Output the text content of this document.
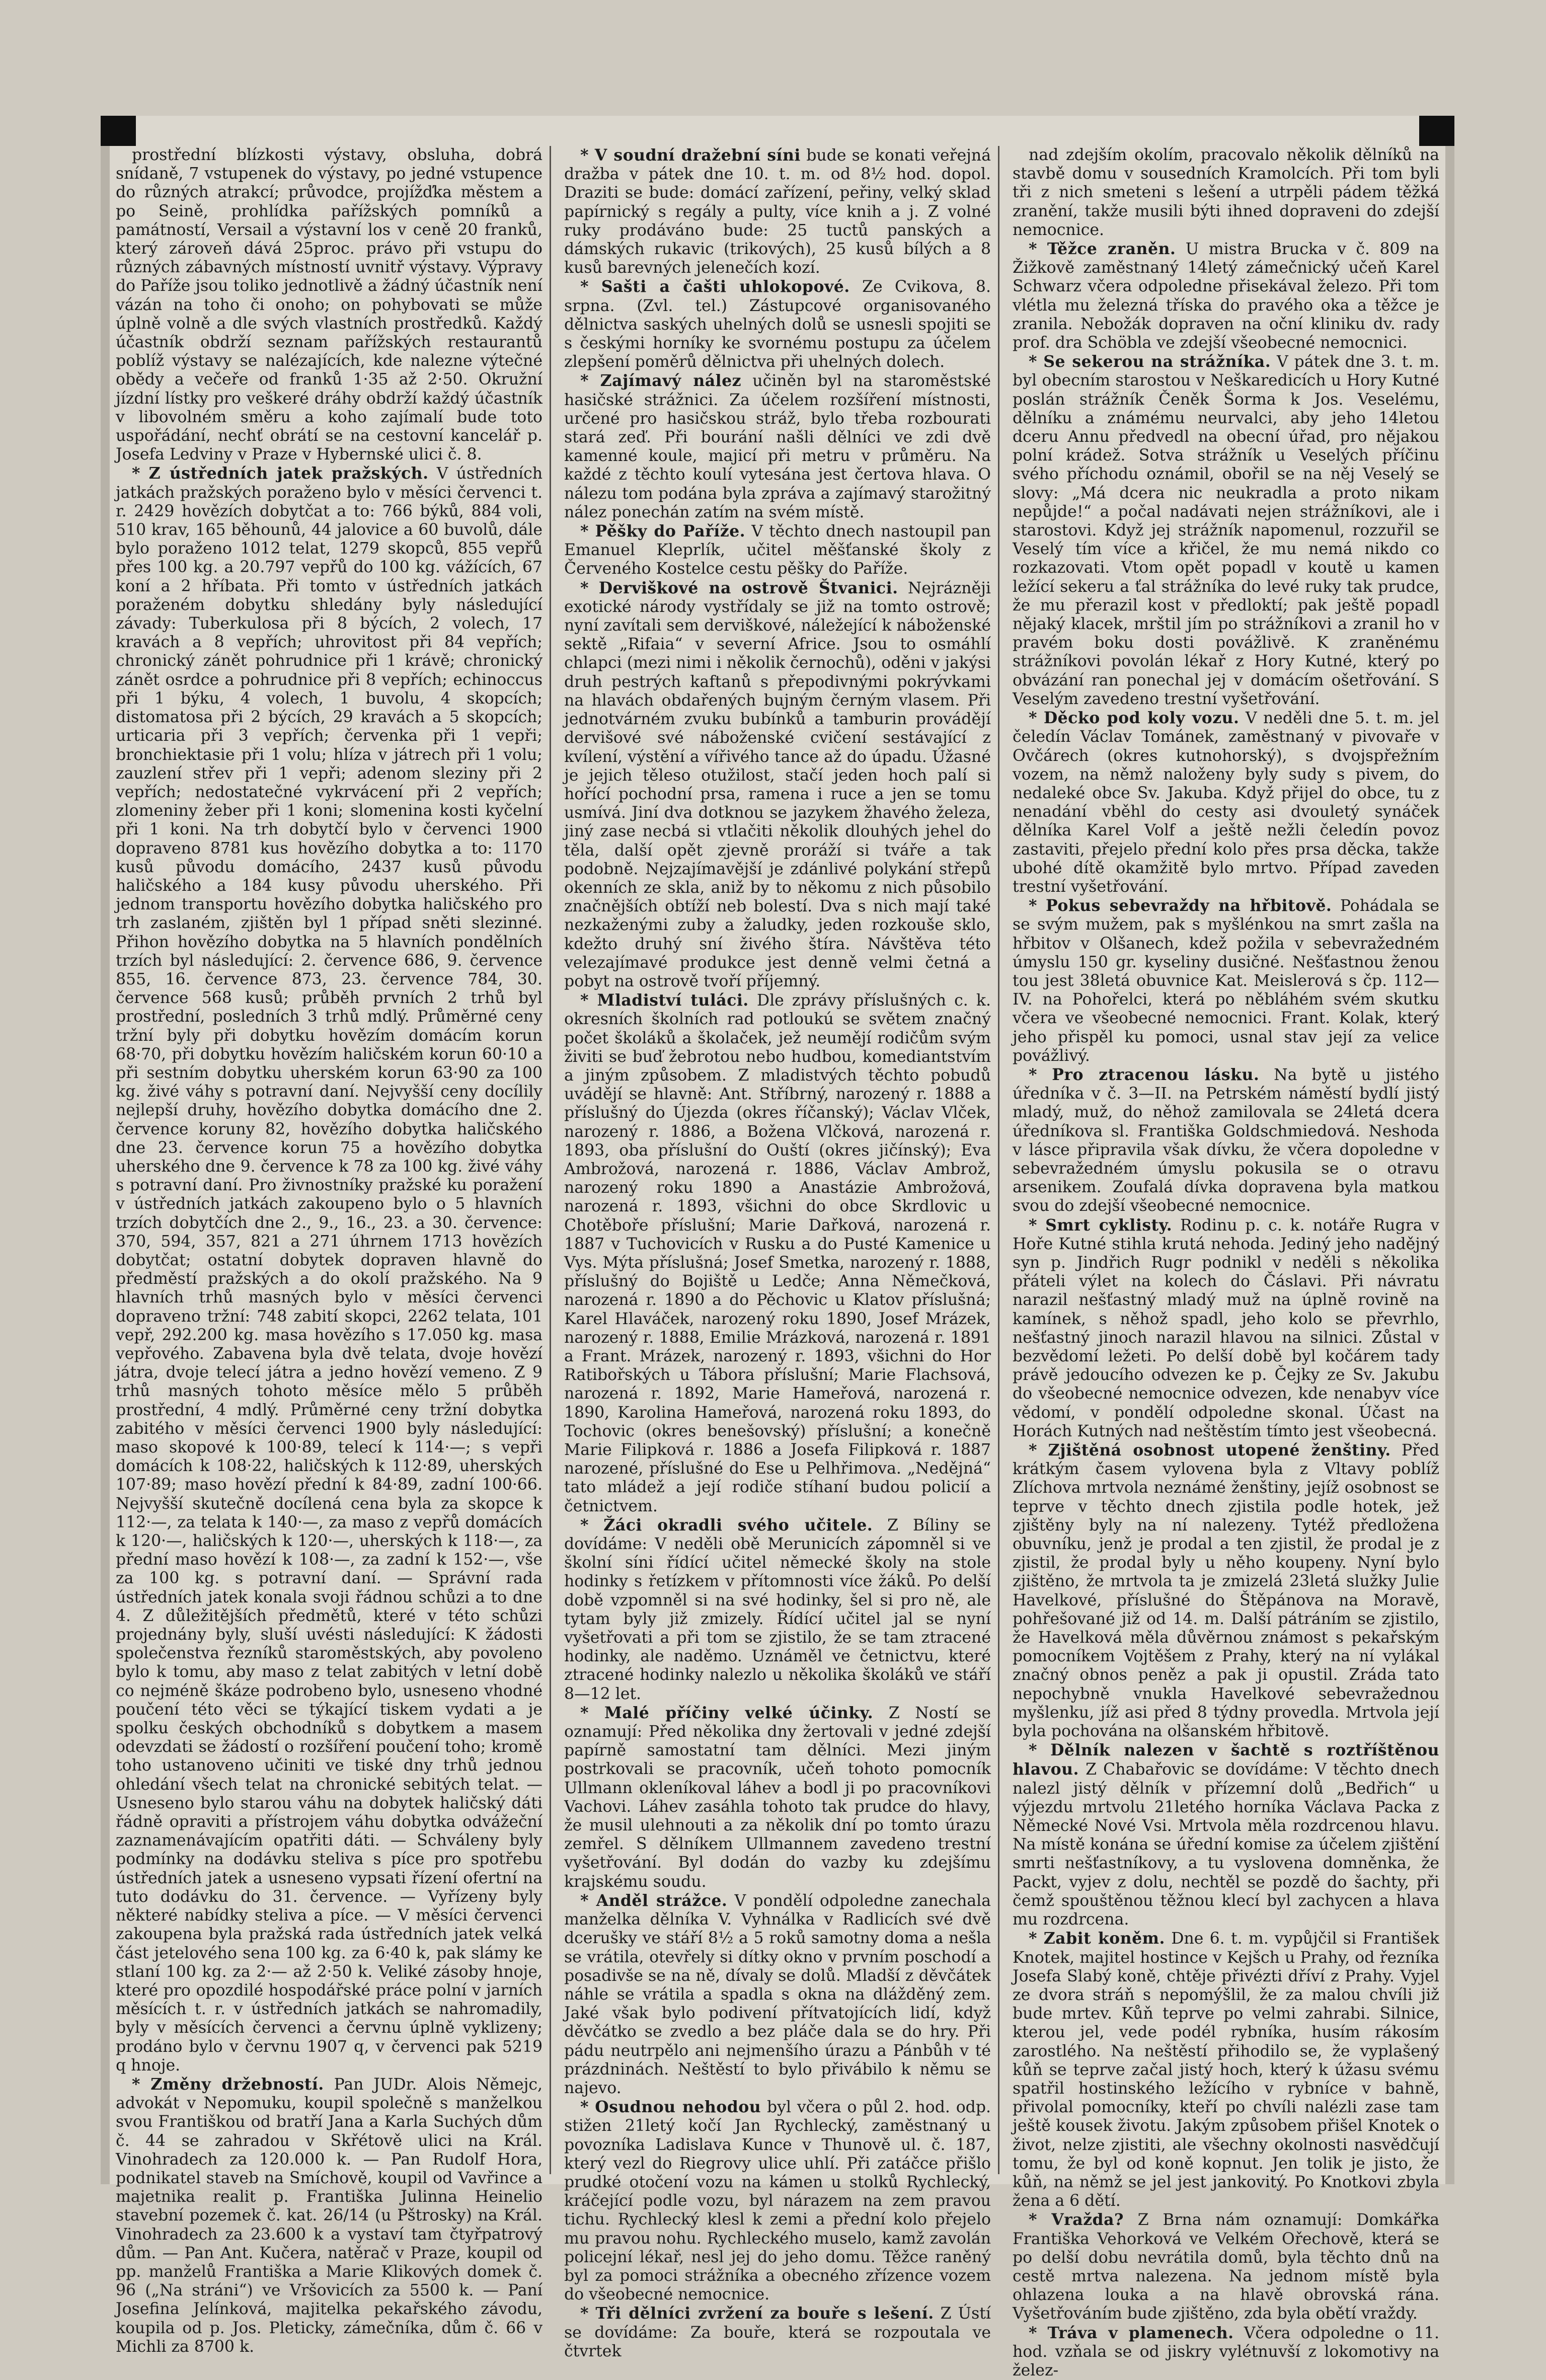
prostřední blízkosti výstavy, obsluha, dobrá snídaně, 7 vstupenek do výstavy, po jedné vstupence do různých atrakcí; průvodce, projížďka městem a po Seině, prohlídka pařížských pomníků a památností, Versail a výstavní los v ceně 20 franků, který zároveň dává 25proc. právo při vstupu do různých zábavných místností uvnitř výstavy. Výpravy do Paříže jsou toliko jednotlivě a žádný účastník není vázán na toho či onoho; on pohybovati se může úplně volně a dle svých vlastních prostředků. Každý účastník obdrží seznam pařížských restaurantů poblíž výstavy se nalézajících, kde nalezne výtečné obědy a večeře od franků 1·35 až 2·50. Okružní jízdní lístky pro veškeré dráhy obdrží každý účastník v libovolném směru a koho zajímalí bude toto uspořádání, nechť obrátí se na cestovní kancelář p. Josefa Ledviny v Praze v Hybernské ulici č. 8.

* Z ústředních jatek pražských. V ústředních jatkách pražských poraženo bylo v měsíci červenci t. r. 2429 hovězích dobytčat a to: 766 býků, 884 voli, 510 krav, 165 běhounů, 44 jalovice a 60 buvolů, dále bylo poraženo 1012 telat, 1279 skopců, 855 vepřů přes 100 kg. a 20.797 vepřů do 100 kg. vážících, 67 koní a 2 hříbata. Při tomto v ústředních jatkách poraženém dobytku shledány byly následující závady: Tuberkulosa při 8 býcích, 2 volech, 17 kravách a 8 vepřích; uhrovitost při 84 vepřích; chronický zánět pohrudnice při 1 krávě; chronický zánět osrdce a pohrudnice při 8 vepřích; echinoccus při 1 býku, 4 volech, 1 buvolu, 4 skopcích; distomatosa při 2 býcích, 29 kravách a 5 skopcích; urticaria při 3 vepřích; červenka při 1 vepři; bronchiektasie při 1 volu; hlíza v játrech při 1 volu; zauzlení střev při 1 vepři; adenom sleziny při 2 vepřích; nedostatečné vykrvácení při 2 vepřích; zlomeniny žeber při 1 koni; slomenina kosti kyčelní při 1 koni. Na trh dobytčí bylo v červenci 1900 dopraveno 8781 kus hovězího dobytka a to: 1170 kusů původu domácího, 2437 kusů původu haličského a 184 kusy původu uherského. Při jednom transportu hovězího dobytka haličského pro trh zaslaném, zjištěn byl 1 případ sněti slezinné. Přihon hovězího dobytka na 5 hlavních pondělních trzích byl následující: 2. července 686, 9. července 855, 16. července 873, 23. července 784, 30. července 568 kusů; průběh prvních 2 trhů byl prostřední, posledních 3 trhů mdlý. Průměrné ceny tržní byly při dobytku hovězím domácím korun 68·70, při dobytku hovězím haličském korun 60·10 a při sestním dobytku uherském korun 63·90 za 100 kg. živé váhy s potravní daní. Nejvyšší ceny docílily nejlepší druhy, hovězího dobytka domácího dne 2. července koruny 82, hovězího dobytka haličského dne 23. července korun 75 a hovězího dobytka uherského dne 9. července k 78 za 100 kg. živé váhy s potravní daní. Pro živnostníky pražské ku poražení v ústředních jatkách zakoupeno bylo o 5 hlavních trzích dobytčích dne 2., 9., 16., 23. a 30. července: 370, 594, 357, 821 a 271 úhrnem 1713 hovězích dobytčat; ostatní dobytek dopraven hlavně do předměstí pražských a do okolí pražského. Na 9 hlavních trhů masných bylo v měsíci červenci dopraveno tržní: 748 zabití skopci, 2262 telata, 101 vepř, 292.200 kg. masa hovězího s 17.050 kg. masa vepřového. Zabavena byla dvě telata, dvoje hovězí játra, dvoje telecí játra a jedno hovězí vemeno. Z 9 trhů masných tohoto měsíce mělo 5 průběh prostřední, 4 mdlý. Průměrné ceny tržní dobytka zabitého v měsíci červenci 1900 byly následující: maso skopové k 100·89, telecí k 114·—; s vepři domácích k 108·22, haličských k 112·89, uherských 107·89; maso hovězí přední k 84·89, zadní 100·66. Nejvyšší skutečně docílená cena byla za skopce k 112·—, za telata k 140·—, za maso z vepřů domácích k 120·—, haličských k 120·—, uherských k 118·—, za přední maso hovězí k 108·—, za zadní k 152·—, vše za 100 kg. s potravní daní. — Správní rada ústředních jatek konala svoji řádnou schůzi a to dne 4. Z důležitějších předmětů, které v této schůzi projednány byly, sluší uvésti následující: K žádosti společenstva řezníků staroměstských, aby povoleno bylo k tomu, aby maso z telat zabitých v letní době co nejméně škáze podrobeno bylo, usneseno vhodné poučení této věci se týkající tiskem vydati a je spolku českých obchodníků s dobytkem a masem odevzdati se žádostí o rozšíření poučení toho; kromě toho ustanoveno učiniti ve tiské dny trhů jednou ohledání všech telat na chronické sebitých telat. — Usneseno bylo starou váhu na dobytek haličský dáti řádně opraviti a přístrojem váhu dobytka odvážeční zaznamenávajícím opatřiti dáti. — Schváleny byly podmínky na dodávku steliva s píce pro spotřebu ústředních jatek a usneseno vypsati řízení ofertní na tuto dodávku do 31. července. — Vyřízeny byly některé nabídky steliva a píce. — V měsíci červenci zakoupena byla pražská rada ústředních jatek velká část jetelového sena 100 kg. za 6·40 k, pak slámy ke stlaní 100 kg. za 2·— až 2·50 k. Veliké zásoby hnoje, které pro opozdilé hospodářské práce polní v jarních měsících t. r. v ústředních jatkách se nahromadily, byly v měsících červenci a červnu úplně vyklizeny; prodáno bylo v červnu 1907 q, v červenci pak 5219 q hnoje.

* Změny držebností. Pan JUDr. Alois Němejc, advokát v Nepomuku, koupil společně s manželkou svou Františkou od bratří Jana a Karla Suchých dům č. 44 se zahradou v Skřétově ulici na Král. Vinohradech za 120.000 k. — Pan Rudolf Hora, podnikatel staveb na Smíchově, koupil od Vavřince a majetnika realit p. Františka Julinna Heinelio stavební pozemek č. kat. 26/14 (u Pštrosky) na Král. Vinohradech za 23.600 k a vystaví tam čtyřpatrový dům. — Pan Ant. Kučera, natěrač v Praze, koupil od pp. manželů Františka a Marie Klikových domek č. 96 („Na stráni“) ve Vršovicích za 5500 k. — Paní Josefina Jelínková, majitelka pekařského závodu, koupila od p. Jos. Pleticky, zámečníka, dům č. 66 v Michli za 8700 k.

* V soudní dražební síni bude se konati veřejná dražba v pátek dne 10. t. m. od 8½ hod. dopol. Draziti se bude: domácí zařízení, peřiny, velký sklad papírnický s regály a pulty, více knih a j. Z volné ruky prodáváno bude: 25 tuctů panských a dámských rukavic (trikových), 25 kusů bílých a 8 kusů barevných jelenečích kozí.

* Sašti a čašti uhlokopové. Ze Cvikova, 8. srpna. (Zvl. tel.) Zástupcové organisovaného dělnictva saských uhelných dolů se usnesli spojiti se s českými horníky ke svornému postupu za účelem zlepšení poměrů dělnictva při uhelných dolech.

* Zajímavý nález učiněn byl na staroměstské hasičské strážnici. Za účelem rozšíření místnosti, určené pro hasičskou stráž, bylo třeba rozbourati stará zeď. Při bourání našli dělníci ve zdi dvě kamenné koule, majicí při metru v průměru. Na každé z těchto koulí vytesána jest čertova hlava. O nálezu tom podána byla zpráva a zajímavý starožitný nález ponechán zatím na svém místě.

* Pěšky do Paříže. V těchto dnech nastoupil pan Emanuel Kleprlík, učitel měšťanské školy z Červeného Kostelce cestu pěšky do Paříže.

* Derviškové na ostrově Štvanici. Nejrázněji exotické národy vystřídaly se již na tomto ostrově; nyní zavítali sem derviškové, náležející k náboženské sektě „Rifaia“ v severní Africe. Jsou to osmáhlí chlapci (mezi nimi i několik černochů), oděni v jakýsi druh pestrých kaftanů s přepodivnými pokrývkami na hlavách obdařených bujným černým vlasem. Při jednotvárném zvuku bubínků a tamburin provádějí dervišové své náboženské cvičení sestávající z kvílení, výstění a vířivého tance až do úpadu. Úžasné je jejich těleso otužilost, stačí jeden hoch palí si hořící pochodní prsa, ramena i ruce a jen se tomu usmívá. Jiní dva dotknou se jazykem žhavého železa, jiný zase necbá si vtlačiti několik dlouhých jehel do těla, další opět zjevně proráží si tváře a tak podobně. Nejzajímavější je zdánlivé polykání střepů okenních ze skla, aniž by to někomu z nich působilo značnějších obtíží neb bolestí. Dva s nich mají také nezkaženými zuby a žaludky, jeden rozkouše sklo, kdežto druhý sní živého štíra. Návštěva této velezajímavé produkce jest denně velmi četná a pobyt na ostrově tvoří příjemný.

* Mladiství tuláci. Dle zprávy příslušných c. k. okresních školních rad potloukú se světem značný počet školáků a školaček, jež neumějí rodičům svým živiti se buď žebrotou nebo hudbou, komediantstvím a jiným způsobem. Z mladistvých těchto pobudů uvádějí se hlavně: Ant. Stříbrný, narozený r. 1888 a příslušný do Újezda (okres říčanský); Václav Vlček, narozený r. 1886, a Božena Vlčková, narozená r. 1893, oba příslušní do Ouští (okres jičínský); Eva Ambrožová, narozená r. 1886, Václav Ambrož, narozený roku 1890 a Anastázie Ambrožová, narozená r. 1893, všichni do obce Skrdlovic u Chotěboře příslušní; Marie Dařková, narozená r. 1887 v Tuchovicích v Rusku a do Pusté Kamenice u Vys. Mýta příslušná; Josef Smetka, narozený r. 1888, příslušný do Bojiště u Ledče; Anna Němečková, narozená r. 1890 a do Pěchovic u Klatov příslušná; Karel Hlaváček, narozený roku 1890, Josef Mrázek, narozený r. 1888, Emilie Mrázková, narozená r. 1891 a Frant. Mrázek, narozený r. 1893, všichni do Hor Ratibořských u Tábora příslušní; Marie Flachsová, narozená r. 1892, Marie Hameřová, narozená r. 1890, Karolina Hameřová, narozená roku 1893, do Tochovic (okres benešovský) příslušní; a konečně Marie Filipková r. 1886 a Josefa Filipková r. 1887 narozené, příslušné do Ese u Pelhřimova. „Nedějná“ tato mládež a její rodiče stíhaní budou policií a četnictvem.

* Žáci okradli svého učitele. Z Bíliny se dovídáme: V neděli obě Merunicích zápomněl si ve školní síni řídící učitel německé školy na stole hodinky s řetízkem v přítomnosti více žáků. Po delší době vzpomněl si na své hodinky, šel si pro ně, ale tytam byly již zmizely. Řídící učitel jal se nyní vyšetřovati a při tom se zjistilo, že se tam ztracené hodinky, ale naděmo. Uznáměl ve četnictvu, které ztracené hodinky nalezlo u několika školáků ve stáří 8—12 let.

* Malé příčiny velké účinky. Z Ností se oznamují: Před několika dny žertovali v jedné zdejší papírně samostatní tam dělníci. Mezi jiným postrkovali se pracovník, učeň tohoto pomocník Ullmann okleníkoval láhev a bodl ji po pracovníkovi Vachovi. Láhev zasáhla tohoto tak prudce do hlavy, že musil ulehnouti a za několik dní po tomto úrazu zemřel. S dělníkem Ullmannem zavedeno trestní vyšetřování. Byl dodán do vazby ku zdejšímu krajskému soudu.

* Anděl strážce. V pondělí odpoledne zanechala manželka dělníka V. Vyhnálka v Radlicích své dvě dcerušky ve stáří 8½ a 5 roků samotny doma a nešla se vrátila, otevřely si dítky okno v prvním poschodí a posadivše se na ně, dívaly se dolů. Mladší z děvčátek náhle se vrátila a spadla s okna na dlážděný zem. Jaké však bylo podivení přítvatojících lidí, když děvčátko se zvedlo a bez pláče dala se do hry. Při pádu neutrpělo ani nejmenšího úrazu a Pánbůh v té prázdninách. Neštěstí to bylo přivábilo k němu se najevo.

* Osudnou nehodou byl včera o půl 2. hod. odp. stižen 21letý kočí Jan Rychlecký, zaměstnaný u povozníka Ladislava Kunce v Thunově ul. č. 187, který vezl do Riegrovy ulice uhlí. Při zatáčce přišlo prudké otočení vozu na kámen u stolků Rychlecký, kráčející podle vozu, byl nárazem na zem pravou tichu. Rychlecký klesl k zemi a přední kolo přejelo mu pravou nohu. Rychleckého muselo, kamž zavolán policejní lékař, nesl jej do jeho domu. Těžce raněný byl za pomoci strážníka a obecného zřízence vozem do všeobecné nemocnice.

* Tři dělníci zvržení za bouře s lešení. Z Ústí se dovídáme: Za bouře, která se rozpoutala ve čtvrtek

nad zdejším okolím, pracovalo několik dělníků na stavbě domu v sousedních Kramolcích. Při tom byli tři z nich smeteni s lešení a utrpěli pádem těžká zranění, takže musili býti ihned dopraveni do zdejší nemocnice.

* Těžce zraněn. U mistra Brucka v č. 809 na Žižkově zaměstnaný 14letý zámečnický učeň Karel Schwarz včera odpoledne přisekával železo. Při tom vlétla mu železná tříska do pravého oka a těžce je zranila. Nebožák dopraven na oční kliniku dv. rady prof. dra Schöbla ve zdejší všeobecné nemocnici.

* Se sekerou na strážníka. V pátek dne 3. t. m. byl obecním starostou v Neškaredicích u Hory Kutné poslán strážník Čeněk Šorma k Jos. Veselému, dělníku a známému neurvalci, aby jeho 14letou dceru Annu předvedl na obecní úřad, pro nějakou polní krádež. Sotva strážník u Veselých příčinu svého příchodu oznámil, obořil se na něj Veselý se slovy: „Má dcera nic neukradla a proto nikam nepůjde!“ a počal nadávati nejen strážníkovi, ale i starostovi. Když jej strážník napomenul, rozzuřil se Veselý tím více a křičel, že mu nemá nikdo co rozkazovati. Vtom opět popadl v koutě u kamen ležící sekeru a ťal strážníka do levé ruky tak prudce, že mu přerazil kost v předloktí; pak ještě popadl nějaký klacek, mrštil jím po strážníkovi a zranil ho v pravém boku dosti povážlivě. K zraněnému strážníkovi povolán lékař z Hory Kutné, který po obvázání ran ponechal jej v domácím ošetřování. S Veselým zavedeno trestní vyšetřování.

* Děcko pod koly vozu. V neděli dne 5. t. m. jel čeledín Václav Tománek, zaměstnaný v pivovaře v Ovčárech (okres kutnohorský), s dvojspřežním vozem, na němž naloženy byly sudy s pivem, do nedaleké obce Sv. Jakuba. Když přijel do obce, tu z nenadání vběhl do cesty asi dvouletý synáček dělníka Karel Volf a ještě nežli čeledín povoz zastaviti, přejelo přední kolo přes prsa děcka, takže ubohé dítě okamžitě bylo mrtvo. Případ zaveden trestní vyšetřování.

* Pokus sebevraždy na hřbitově. Pohádala se se svým mužem, pak s myšlénkou na smrt zašla na hřbitov v Olšanech, kdež požila v sebevražedném úmyslu 150 gr. kyseliny dusičné. Nešťastnou ženou tou jest 38letá obuvnice Kat. Meislerová s čp. 112—IV. na Pohořelci, která po něbláhém svém skutku včera ve všeobecné nemocnici. Frant. Kolak, který jeho přispěl ku pomoci, usnal stav její za velice povážlivý.

* Pro ztracenou lásku. Na bytě u jistého úředníka v č. 3—II. na Petrském náměstí bydlí jistý mladý, muž, do něhož zamilovala se 24letá dcera úředníkova sl. Františka Goldschmiedová. Neshoda v lásce připravila však dívku, že včera dopoledne v sebevražedném úmyslu pokusila se o otravu arsenikem. Zoufalá dívka dopravena byla matkou svou do zdejší všeobecné nemocnice.

* Smrt cyklisty. Rodinu p. c. k. notáře Rugra v Hoře Kutné stihla krutá nehoda. Jediný jeho nadějný syn p. Jindřich Rugr podnikl v neděli s několika přáteli výlet na kolech do Čáslavi. Při návratu narazil nešťastný mladý muž na úplně rovině na kamínek, s něhož spadl, jeho kolo se převrhlo, nešťastný jinoch narazil hlavou na silnici. Zůstal v bezvědomí ležeti. Po delší době byl kočárem tady právě jedoucího odvezen ke p. Čejky ze Sv. Jakubu do všeobecné nemocnice odvezen, kde nenabyv více vědomí, v pondělí odpoledne skonal. Účast na Horách Kutných nad neštěstím tímto jest všeobecná.

* Zjištěná osobnost utopené ženštiny. Před krátkým časem vylovena byla z Vltavy poblíž Zlíchova mrtvola neznámé ženštiny, jejíž osobnost se teprve v těchto dnech zjistila podle hotek, jež zjištěny byly na ní nalezeny. Tytéž předložena obuvníku, jenž je prodal a ten zjistil, že prodal je z zjistil, že prodal byly u něho koupeny. Nyní bylo zjištěno, že mrtvola ta je zmizelá 23letá služky Julie Havelkové, příslušné do Štěpánova na Moravě, pohřešované již od 14. m. Další pátráním se zjistilo, že Havelková měla důvěrnou známost s pekařským pomocníkem Vojtěšem z Prahy, který na ní vylákal značný obnos peněz a pak ji opustil. Zráda tato nepochybně vnukla Havelkové sebevražednou myšlenku, jíž asi před 8 týdny provedla. Mrtvola její byla pochována na olšanském hřbitově.

* Dělník nalezen v šachtě s roztříštěnou hlavou. Z Chabařovic se dovídáme: V těchto dnech nalezl jistý dělník v přízemní dolů „Bedřich“ u výjezdu mrtvolu 21letého horníka Václava Packa z Německé Nové Vsi. Mrtvola měla rozdrcenou hlavu. Na místě konána se úřední komise za účelem zjištění smrti nešťastníkovy, a tu vyslovena domněnka, že Packt, vyjev z dolu, nechtěl se pozdě do šachty, při čemž spouštěnou těžnou klecí byl zachycen a hlava mu rozdrcena.

* Zabit koněm. Dne 6. t. m. vypůjčil si František Knotek, majitel hostince v Kejšch u Prahy, od řezníka Josefa Slabý koně, chtěje přivézti dříví z Prahy. Vyjel ze dvora stráň s nepomýšlil, že za malou chvíli již bude mrtev. Kůň teprve po velmi zahrabi. Silnice, kterou jel, vede podél rybníka, husím rákosím zarostlého. Na neštěstí přihodilo se, že vyplašený kůň se teprve začal jistý hoch, který k úžasu svému spatřil hostinského ležícího v rybníce v bahně, přivolal pomocníky, kteří po chvíli nalézli zase tam ještě kousek životu. Jakým způsobem přišel Knotek o život, nelze zjistiti, ale všechny okolnosti nasvědčují tomu, že byl od koně kopnut. Jen tolik je jisto, že kůň, na němž se jel jest jankovitý. Po Knotkovi zbyla žena a 6 dětí.

* Vražda? Z Brna nám oznamují: Domkářka Františka Vehorková ve Velkém Ořechově, která se po delší dobu nevrátila domů, byla těchto dnů na cestě mrtva nalezena. Na jednom místě byla ohlazena louka a na hlavě obrovská rána. Vyšetřováním bude zjištěno, zda byla obětí vraždy.

* Tráva v plamenech. Včera odpoledne o 11. hod. vzňala se od jiskry vylétnuvší z lokomotivy na želez-
